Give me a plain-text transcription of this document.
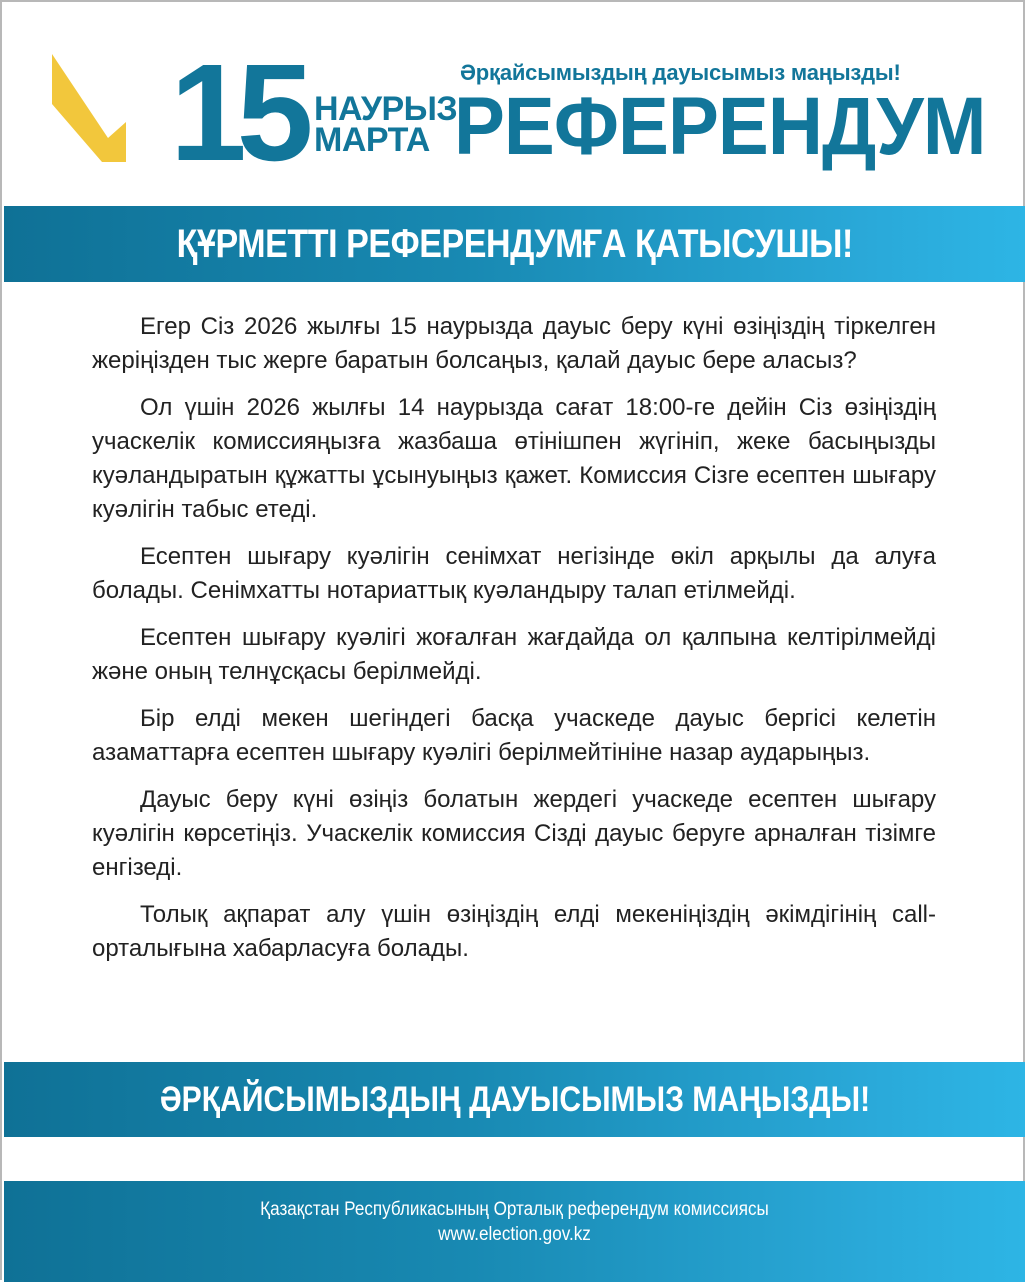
15 НАУРЫЗ
МАРТА
Әрқайсымыздың дауысымыз маңызды!
РЕФЕРЕНДУМ
ҚҰРМЕТТІ РЕФЕРЕНДУМҒА ҚАТЫСУШЫ!

Егер Сіз 2026 жылғы 15 наурызда дауыс беру күні өзіңіздің тіркелген жеріңізден тыс жерге баратын болсаңыз, қалай дауыс бере аласыз?

Ол үшін 2026 жылғы 14 наурызда сағат 18:00-ге дейін Сіз өзіңіздің учаскелік комиссияңызға жазбаша өтінішпен жүгініп, жеке басыңызды куәландыратын құжатты ұсынуыңыз қажет. Комиссия Сізге есептен шығару куәлігін табыс етеді.

Есептен шығару куәлігін сенімхат негізінде өкіл арқылы да алуға болады. Сенімхатты нотариаттық куәландыру талап етілмейді.

Есептен шығару куәлігі жоғалған жағдайда ол қалпына келтірілмейді және оның телнұсқасы берілмейді.

Бір елді мекен шегіндегі басқа учаскеде дауыс бергісі келетін азаматтарға есептен шығару куәлігі берілмейтініне назар аударыңыз.

Дауыс беру күні өзіңіз болатын жердегі учаскеде есептен шығару куәлігін көрсетіңіз. Учаскелік комиссия Сізді дауыс беруге арналған тізімге енгізеді.

Толық ақпарат алу үшін өзіңіздің елді мекеніңіздің әкімдігінің call-орталығына хабарласуға болады.

ӘРҚАЙСЫМЫЗДЫҢ ДАУЫСЫМЫЗ МАҢЫЗДЫ!
Қазақстан Республикасының Орталық референдум комиссиясы
www.election.gov.kz
